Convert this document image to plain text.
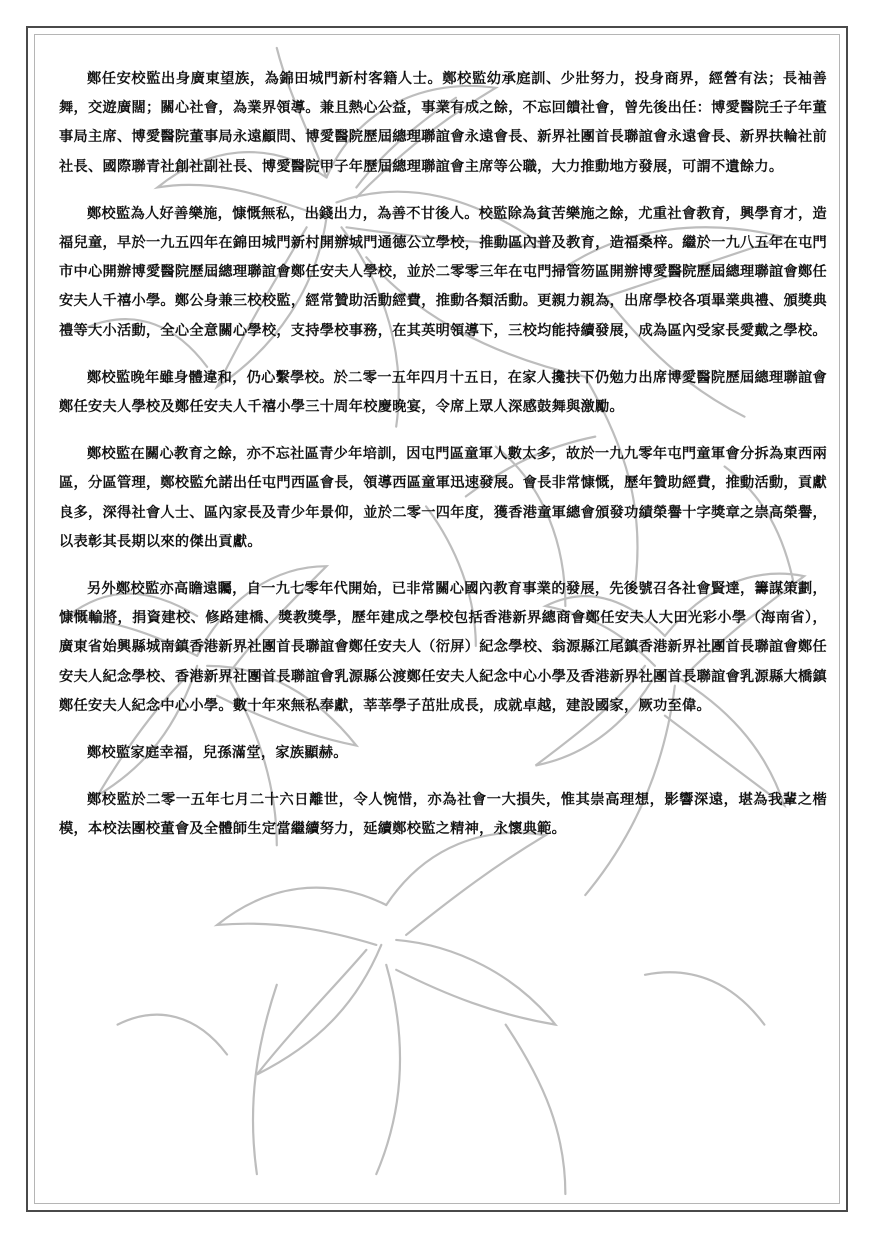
鄭任安校監出身廣東望族，為錦田城門新村客籍人士。鄭校監幼承庭訓、少壯努力，投身商界，經營有法；長袖善舞，交遊廣闊；關心社會，為業界領導。兼且熱心公益，事業有成之餘，不忘回饋社會，曾先後出任：博愛醫院壬子年董事局主席、博愛醫院董事局永遠顧問、博愛醫院歷屆總理聯誼會永遠會長、新界社團首長聯誼會永遠會長、新界扶輪社前社長、國際聯青社創社副社長、博愛醫院甲子年歷屆總理聯誼會主席等公職，大力推動地方發展，可謂不遺餘力。

鄭校監為人好善樂施，慷慨無私，出錢出力，為善不甘後人。校監除為貧苦樂施之餘，尤重社會教育，興學育才，造福兒童，早於一九五四年在錦田城門新村開辦城門通德公立學校，推動區內普及教育，造福桑梓。繼於一九八五年在屯門市中心開辦博愛醫院歷屆總理聯誼會鄭任安夫人學校，並於二零零三年在屯門掃管笏區開辦博愛醫院歷屆總理聯誼會鄭任安夫人千禧小學。鄭公身兼三校校監，經常贊助活動經費，推動各類活動。更親力親為，出席學校各項畢業典禮、頒獎典禮等大小活動，全心全意關心學校，支持學校事務，在其英明領導下，三校均能持續發展，成為區內受家長愛戴之學校。

鄭校監晚年雖身體違和，仍心繫學校。於二零一五年四月十五日，在家人攙扶下仍勉力出席博愛醫院歷屆總理聯誼會鄭任安夫人學校及鄭任安夫人千禧小學三十周年校慶晚宴，令席上眾人深感鼓舞與激勵。

鄭校監在關心教育之餘，亦不忘社區青少年培訓，因屯門區童軍人數太多，故於一九九零年屯門童軍會分拆為東西兩區，分區管理，鄭校監允諾出任屯門西區會長，領導西區童軍迅速發展。會長非常慷慨，歷年贊助經費，推動活動，貢獻良多，深得社會人士、區內家長及青少年景仰，並於二零一四年度，獲香港童軍總會頒發功績榮譽十字獎章之崇高榮譽，以表彰其長期以來的傑出貢獻。

另外鄭校監亦高瞻遠矚，自一九七零年代開始，已非常關心國內教育事業的發展，先後號召各社會賢達，籌謀策劃，慷慨輸將，捐資建校、修路建橋、獎教獎學，歷年建成之學校包括香港新界總商會鄭任安夫人大田光彩小學（海南省），廣東省始興縣城南鎮香港新界社團首長聯誼會鄭任安夫人（衍屏）紀念學校、翁源縣江尾鎮香港新界社團首長聯誼會鄭任安夫人紀念學校、香港新界社團首長聯誼會乳源縣公渡鄭任安夫人紀念中心小學及香港新界社團首長聯誼會乳源縣大橋鎮鄭任安夫人紀念中心小學。數十年來無私奉獻，莘莘學子茁壯成長，成就卓越，建設國家，厥功至偉。

鄭校監家庭幸福，兒孫滿堂，家族顯赫。

鄭校監於二零一五年七月二十六日離世，令人惋惜，亦為社會一大損失，惟其崇高理想，影響深遠，堪為我輩之楷模，本校法團校董會及全體師生定當繼續努力，延續鄭校監之精神，永懷典範。
